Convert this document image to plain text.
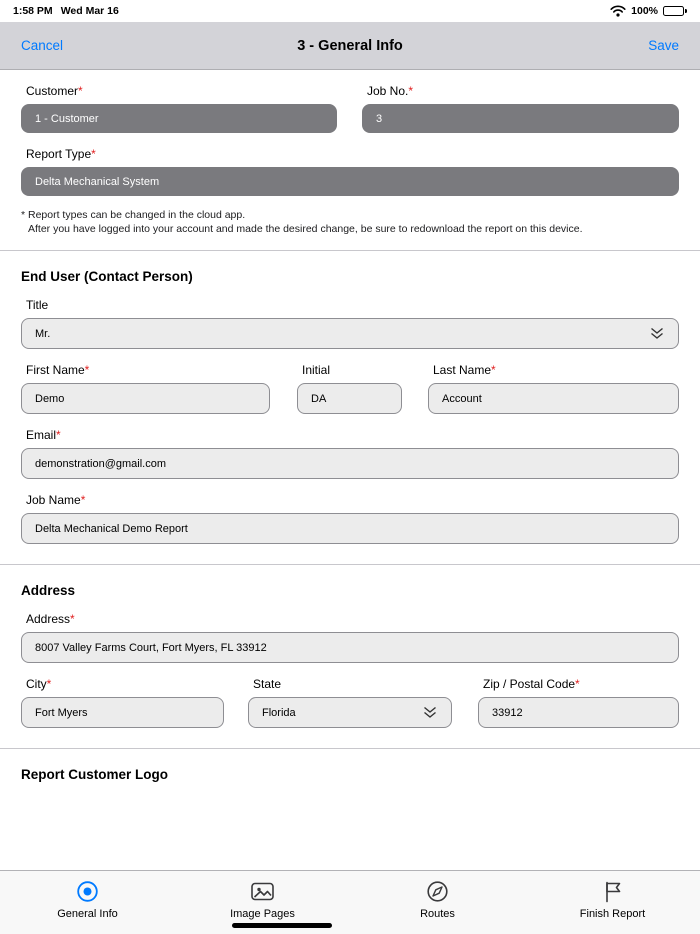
1:58 PM Wed Mar 16	100%
Cancel	3 - General Info	Save
Customer*
1 - Customer
Job No.*
3
Report Type*
Delta Mechanical System
* Report types can be changed in the cloud app.
After you have logged into your account and made the desired change, be sure to redownload the report on this device.
End User (Contact Person)
Title
Mr.
First Name*
Demo
Initial
DA
Last Name*
Account
Email*
demonstration@gmail.com
Job Name*
Delta Mechanical Demo Report
Address
Address*
8007 Valley Farms Court, Fort Myers, FL 33912
City*
Fort Myers
State
Florida
Zip / Postal Code*
33912
Report Customer Logo
General Info	Image Pages	Routes	Finish Report
